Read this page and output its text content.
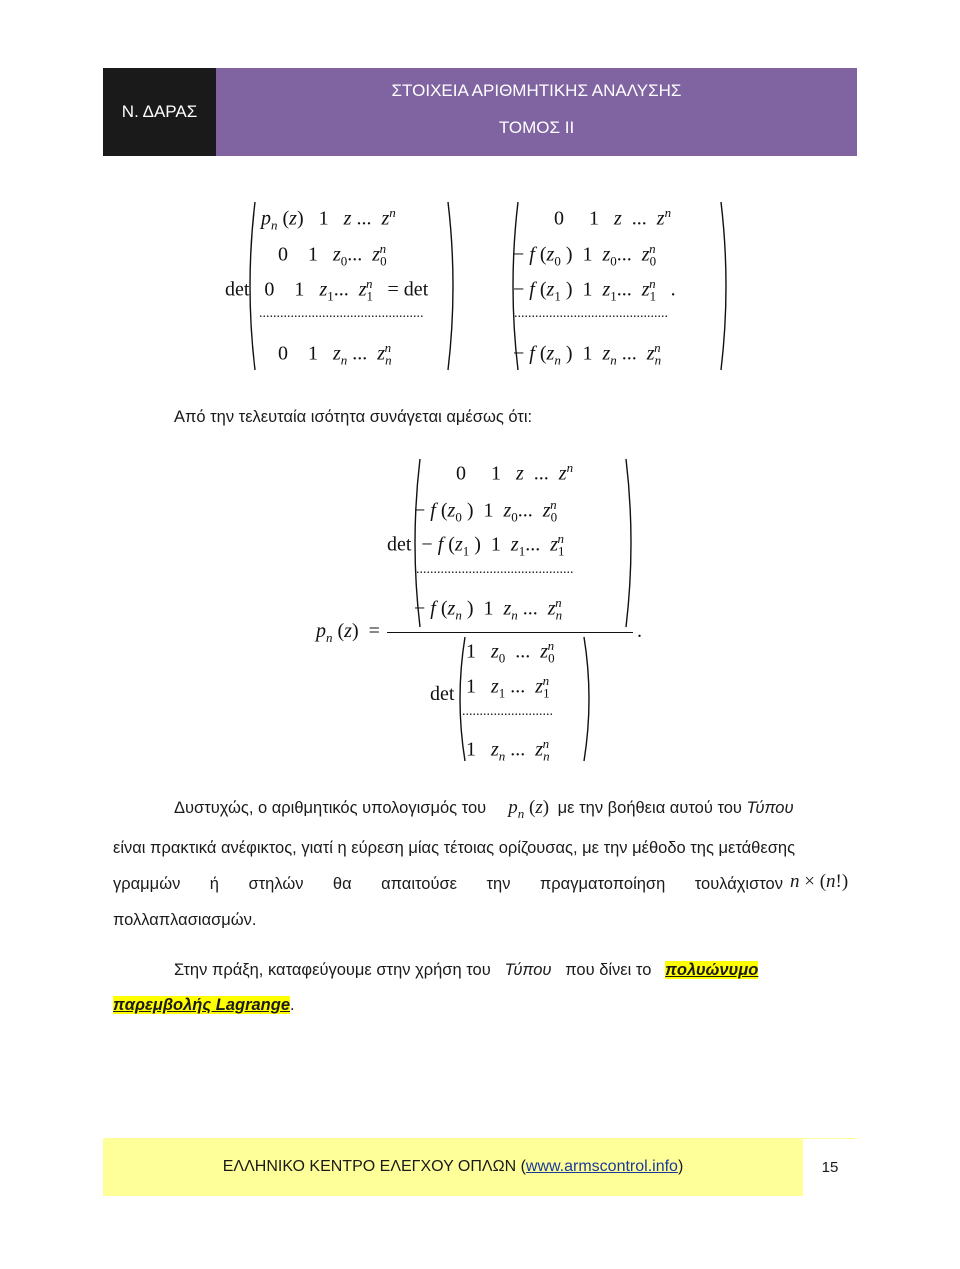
Ν. ΔΑΡΑΣ
ΣΤΟΙΧΕΙΑ ΑΡΙΘΜΗΤΙΚΗΣ ΑΝΑΛΥΣΗΣ
ΤΟΜΟΣ ΙΙ
$p_n$ (z)   1   z ...  $z^n$
0    1   $z_0$...  $z_0^n$
det   0    1   $z_1$...  $z_1^n = \det$
...............................................
0    1   $z_n$ ...  $z_n^n$
0     1   z  ...  $z^n$
− f ($z_0$ )  1  $z_0$...  $z_0^n$
− f ($z_1$ )  1  $z_1$...  $z_1^n$   .
............................................
− f ($z_n$ )  1  $z_n$ ...  $z_n^n$
Από την τελευταία ισότητα συνάγεται αμέσως ότι:
0     1   z  ...  $z^n$
− f ($z_0$ )  1  $z_0$...  $z_0^n$
det  − f ($z_1$ )  1  $z_1$...  $z_1^n$
.............................................
− f ($z_n$ )  1  $z_n$ ...  $z_n^n$
$p_n$ (z)  =	.
1   $z_0$  ...  $z_0^n$
det 1   $z_1$ ...  $z_1^n$
..........................
1   $z_n$ ...  $z_n^n$
Δυστυχώς, ο αριθμητικός υπολογισμός του $p_n$ (z) με την βοήθεια αυτού του Τύπου
είναι πρακτικά ανέφικτος, γιατί η εύρεση μίας τέτοιας ορίζουσας, με την μέθοδο της μετάθεσης
γραμμών ή στηλών θα απαιτούσε την πραγματοποίηση τουλάχιστον n × (n!)
πολλαπλασιασμών.
Στην πράξη, καταφεύγουμε στην χρήση του Τύπου που δίνει το πολυώνυμο
παρεμβολής Lagrange.
ΕΛΛΗΝΙΚΟ ΚΕΝΤΡΟ ΕΛΕΓΧΟΥ ΟΠΛΩΝ ( www.armscontrol.info )	15
